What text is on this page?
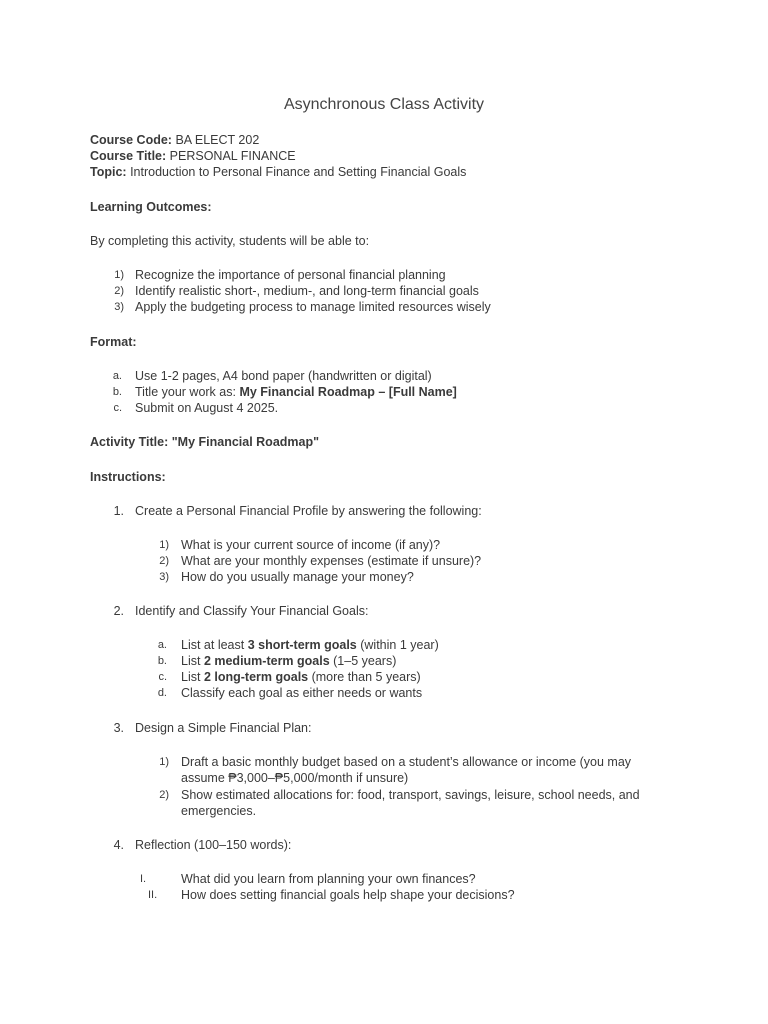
Asynchronous Class Activity
Course Code: BA ELECT 202
Course Title: PERSONAL FINANCE
Topic: Introduction to Personal Finance and Setting Financial Goals
Learning Outcomes:
By completing this activity, students will be able to:
1) Recognize the importance of personal financial planning
2) Identify realistic short-, medium-, and long-term financial goals
3) Apply the budgeting process to manage limited resources wisely
Format:
a. Use 1-2 pages, A4 bond paper (handwritten or digital)
b. Title your work as: My Financial Roadmap – [Full Name]
c. Submit on August 4 2025.
Activity Title: "My Financial Roadmap"
Instructions:
1. Create a Personal Financial Profile by answering the following:
1) What is your current source of income (if any)?
2) What are your monthly expenses (estimate if unsure)?
3) How do you usually manage your money?
2. Identify and Classify Your Financial Goals:
a. List at least 3 short-term goals (within 1 year)
b. List 2 medium-term goals (1–5 years)
c. List 2 long-term goals (more than 5 years)
d. Classify each goal as either needs or wants
3. Design a Simple Financial Plan:
1) Draft a basic monthly budget based on a student’s allowance or income (you may
assume ₱3,000–₱5,000/month if unsure)
2) Show estimated allocations for: food, transport, savings, leisure, school needs, and
emergencies.
4. Reflection (100–150 words):
I.	What did you learn from planning your own finances?
II.	How does setting financial goals help shape your decisions?
